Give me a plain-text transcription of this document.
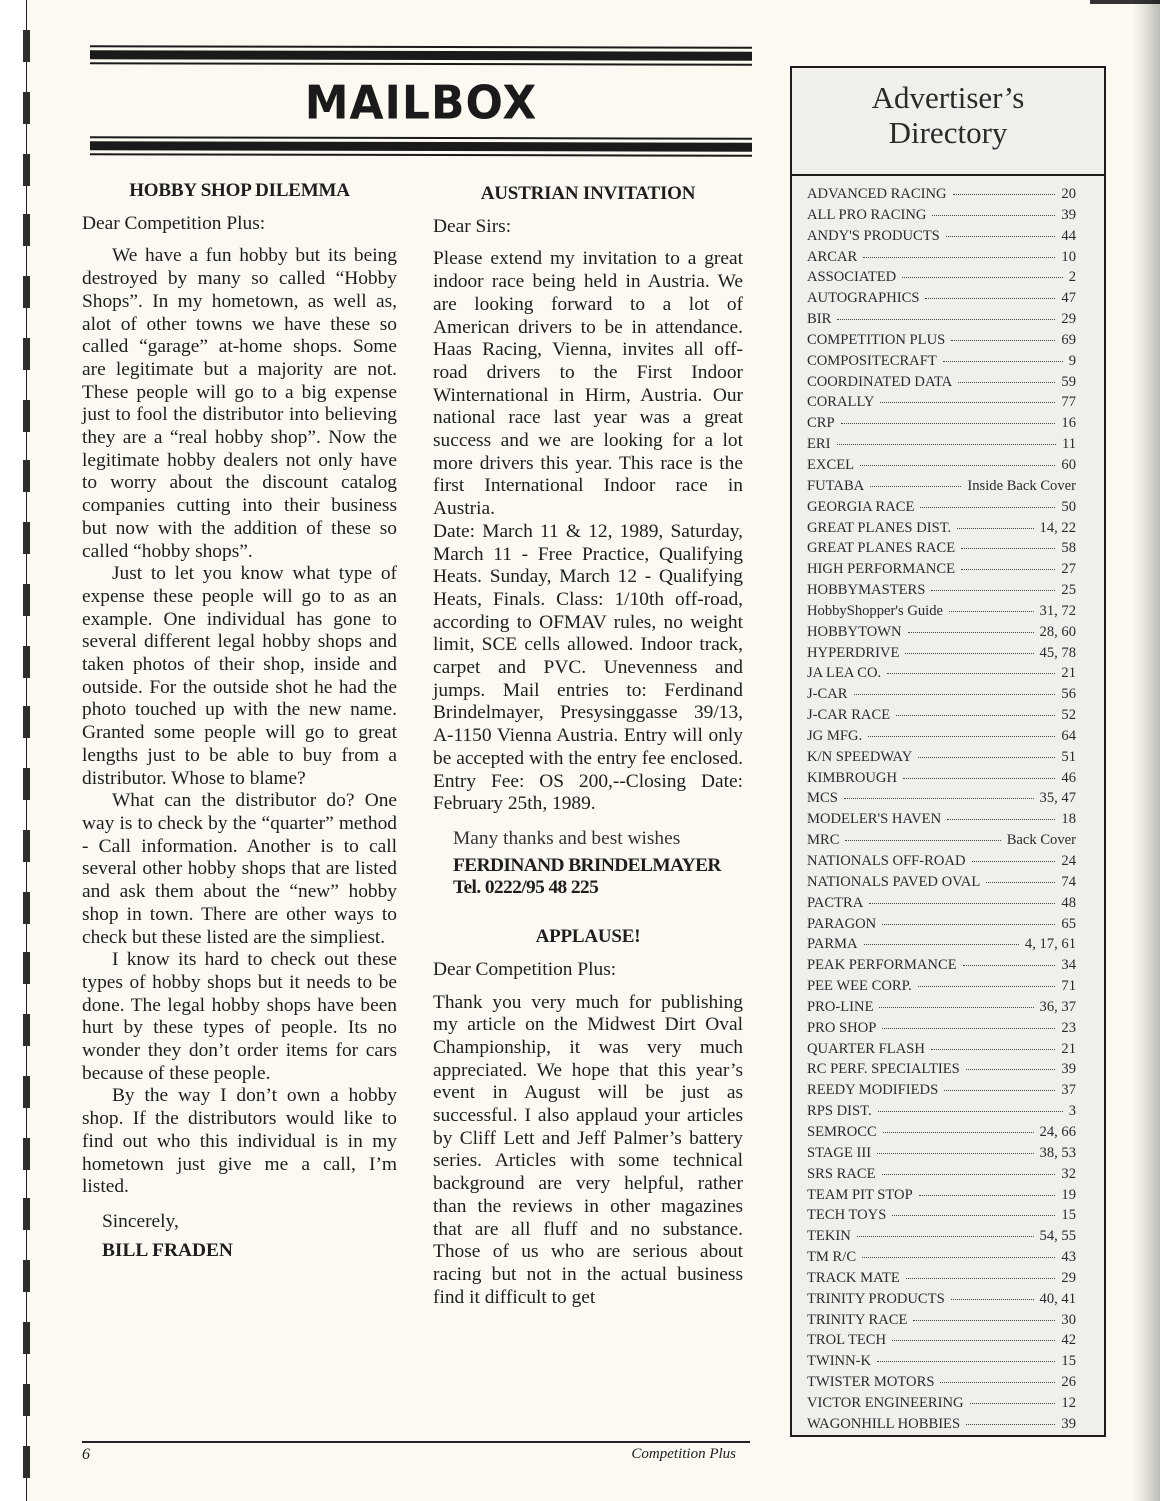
MAILBOX
HOBBY SHOP DILEMMA
Dear Competition Plus:

We have a fun hobby but its being destroyed by many so called “Hobby Shops”. In my hometown, as well as, alot of other towns we have these so called “garage” at-home shops. Some are legitimate but a majority are not. These people will go to a big expense just to fool the distributor into believing they are a “real hobby shop”. Now the legitimate hobby dealers not only have to worry about the discount catalog companies cutting into their business but now with the addition of these so called “hobby shops”.

Just to let you know what type of expense these people will go to as an example. One individual has gone to several different legal hobby shops and taken photos of their shop, inside and outside. For the outside shot he had the photo touched up with the new name. Granted some people will go to great lengths just to be able to buy from a distributor. Whose to blame?

What can the distributor do? One way is to check by the “quarter” method - Call information. Another is to call several other hobby shops that are listed and ask them about the “new” hobby shop in town. There are other ways to check but these listed are the simpliest.

I know its hard to check out these types of hobby shops but it needs to be done. The legal hobby shops have been hurt by these types of people. Its no wonder they don’t order items for cars because of these people.

By the way I don’t own a hobby shop. If the distributors would like to find out who this individual is in my hometown just give me a call, I’m listed.

Sincerely,
BILL FRADEN
AUSTRIAN INVITATION
Dear Sirs:

Please extend my invitation to a great indoor race being held in Austria. We are looking forward to a lot of American drivers to be in attendance. Haas Racing, Vienna, invites all off-road drivers to the First Indoor Winternational in Hirm, Austria. Our national race last year was a great success and we are looking for a lot more drivers this year. This race is the first International Indoor race in Austria.

Date: March 11 & 12, 1989, Saturday, March 11 - Free Practice, Qualifying Heats. Sunday, March 12 - Qualifying Heats, Finals. Class: 1/10th off-road, according to OFMAV rules, no weight limit, SCE cells allowed. Indoor track, carpet and PVC. Unevenness and jumps. Mail entries to: Ferdinand Brindelmayer, Presysinggasse 39/13, A-1150 Vienna Austria. Entry will only be accepted with the entry fee enclosed. Entry Fee: OS 200,--Closing Date: February 25th, 1989.

Many thanks and best wishes
FERDINAND BRINDELMAYER
Tel. 0222/95 48 225
APPLAUSE!
Dear Competition Plus:

Thank you very much for publishing my article on the Midwest Dirt Oval Championship, it was very much appreciated. We hope that this year’s event in August will be just as successful. I also applaud your articles by Cliff Lett and Jeff Palmer’s battery series. Articles with some technical background are very helpful, rather than the reviews in other magazines that are all fluff and no substance. Those of us who are serious about racing but not in the actual business find it difficult to get

Advertiser’s
Directory
ADVANCED RACING	20
ALL PRO RACING	39
ANDY'S PRODUCTS	44
ARCAR	10
ASSOCIATED	2
AUTOGRAPHICS	47
BIR	29
COMPETITION PLUS	69
COMPOSITECRAFT	9
COORDINATED DATA	59
CORALLY	77
CRP	16
ERI	11
EXCEL	60
FUTABA	Inside Back Cover
GEORGIA RACE	50
GREAT PLANES DIST.	14, 22
GREAT PLANES RACE	58
HIGH PERFORMANCE	27
HOBBYMASTERS	25
HobbyShopper's Guide	31, 72
HOBBYTOWN	28, 60
HYPERDRIVE	45, 78
JA LEA CO.	21
J-CAR	56
J-CAR RACE	52
JG MFG.	64
K/N SPEEDWAY	51
KIMBROUGH	46
MCS	35, 47
MODELER'S HAVEN	18
MRC	Back Cover
NATIONALS OFF-ROAD	24
NATIONALS PAVED OVAL	74
PACTRA	48
PARAGON	65
PARMA	4, 17, 61
PEAK PERFORMANCE	34
PEE WEE CORP.	71
PRO-LINE	36, 37
PRO SHOP	23
QUARTER FLASH	21
RC PERF. SPECIALTIES	39
REEDY MODIFIEDS	37
RPS DIST.	3
SEMROCC	24, 66
STAGE III	38, 53
SRS RACE	32
TEAM PIT STOP	19
TECH TOYS	15
TEKIN	54, 55
TM R/C	43
TRACK MATE	29
TRINITY PRODUCTS	40, 41
TRINITY RACE	30
TROL TECH	42
TWINN-K	15
TWISTER MOTORS	26
VICTOR ENGINEERING	12
WAGONHILL HOBBIES	39
6	Competition Plus
